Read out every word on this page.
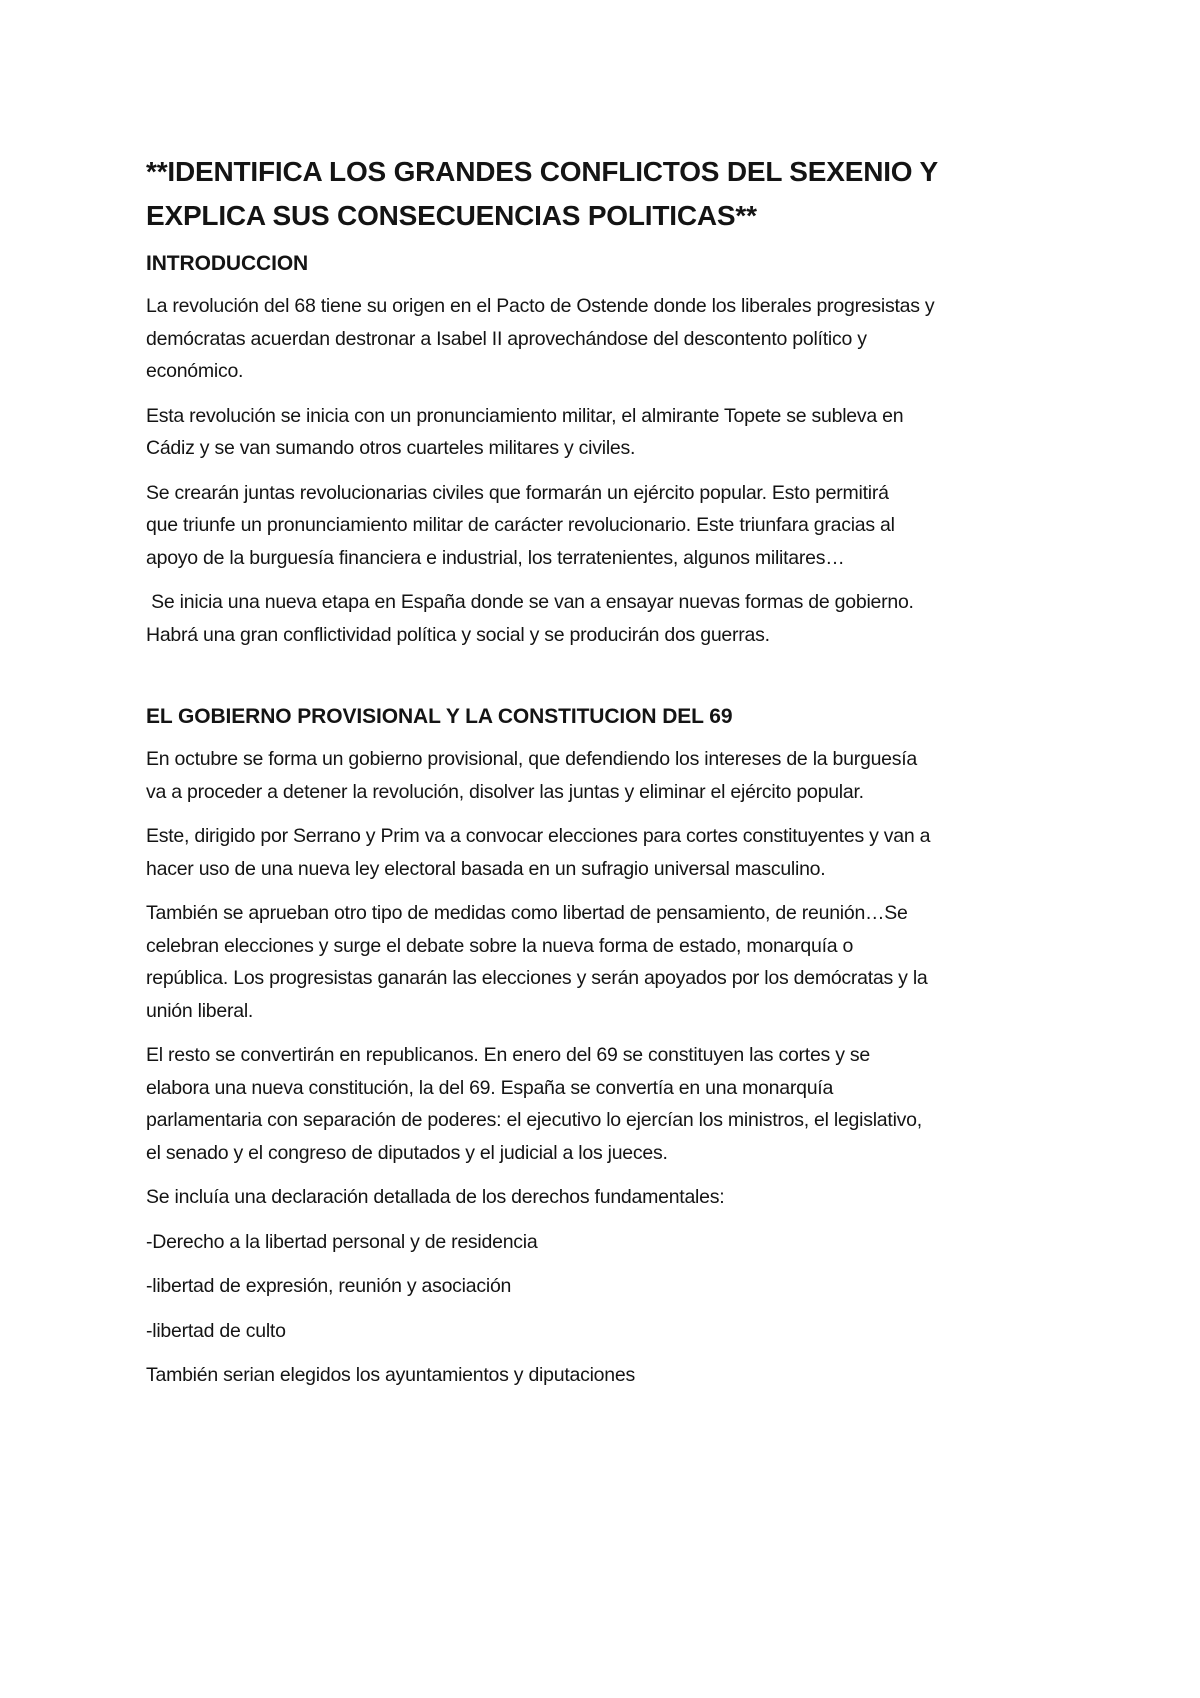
**IDENTIFICA LOS GRANDES CONFLICTOS DEL SEXENIO Y
EXPLICA SUS CONSECUENCIAS POLITICAS**
INTRODUCCION

La revolución del 68 tiene su origen en el Pacto de Ostende donde los liberales progresistas y
demócratas acuerdan destronar a Isabel II aprovechándose del descontento político y
económico.

Esta revolución se inicia con un pronunciamiento militar, el almirante Topete se subleva en
Cádiz y se van sumando otros cuarteles militares y civiles.

Se crearán juntas revolucionarias civiles que formarán un ejército popular. Esto permitirá
que triunfe un pronunciamiento militar de carácter revolucionario. Este triunfara gracias al
apoyo de la burguesía financiera e industrial, los terratenientes, algunos militares…

Se inicia una nueva etapa en España donde se van a ensayar nuevas formas de gobierno.
Habrá una gran conflictividad política y social y se producirán dos guerras.

EL GOBIERNO PROVISIONAL Y LA CONSTITUCION DEL 69

En octubre se forma un gobierno provisional, que defendiendo los intereses de la burguesía
va a proceder a detener la revolución, disolver las juntas y eliminar el ejército popular.

Este, dirigido por Serrano y Prim va a convocar elecciones para cortes constituyentes y van a
hacer uso de una nueva ley electoral basada en un sufragio universal masculino.

También se aprueban otro tipo de medidas como libertad de pensamiento, de reunión…Se
celebran elecciones y surge el debate sobre la nueva forma de estado, monarquía o
república. Los progresistas ganarán las elecciones y serán apoyados por los demócratas y la
unión liberal.

El resto se convertirán en republicanos. En enero del 69 se constituyen las cortes y se
elabora una nueva constitución, la del 69. España se convertía en una monarquía
parlamentaria con separación de poderes: el ejecutivo lo ejercían los ministros, el legislativo,
el senado y el congreso de diputados y el judicial a los jueces.

Se incluía una declaración detallada de los derechos fundamentales:

-Derecho a la libertad personal y de residencia

-libertad de expresión, reunión y asociación

-libertad de culto

También serian elegidos los ayuntamientos y diputaciones
